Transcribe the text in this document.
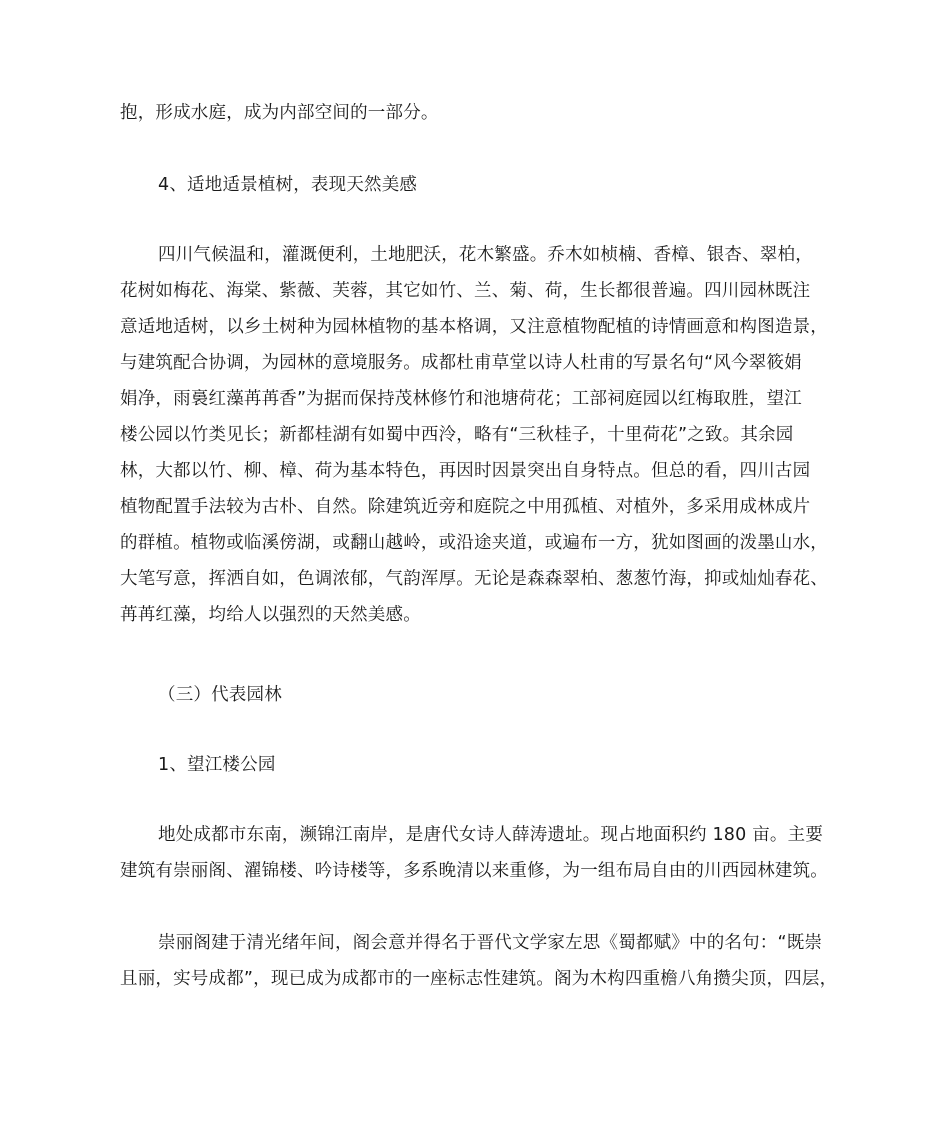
抱，形成水庭，成为内部空间的一部分。
4、适地适景植树，表现天然美感
四川气候温和，灌溉便利，土地肥沃，花木繁盛。乔木如桢楠、香樟、银杏、翠柏，
花树如梅花、海棠、紫薇、芙蓉，其它如竹、兰、菊、荷，生长都很普遍。四川园林既注
意适地适树，以乡土树种为园林植物的基本格调，又注意植物配植的诗情画意和构图造景，
与建筑配合协调，为园林的意境服务。成都杜甫草堂以诗人杜甫的写景名句“风今翠筱娟
娟净，雨裛红藻苒苒香”为据而保持茂林修竹和池塘荷花；工部祠庭园以红梅取胜，望江
楼公园以竹类见长；新都桂湖有如蜀中西泠，略有“三秋桂子，十里荷花”之致。其余园
林，大都以竹、柳、樟、荷为基本特色，再因时因景突出自身特点。但总的看，四川古园
植物配置手法较为古朴、自然。除建筑近旁和庭院之中用孤植、对植外，多采用成林成片
的群植。植物或临溪傍湖，或翻山越岭，或沿途夹道，或遍布一方，犹如图画的泼墨山水，
大笔写意，挥洒自如，色调浓郁，气韵浑厚。无论是森森翠柏、葱葱竹海，抑或灿灿春花、
苒苒红藻，均给人以强烈的天然美感。
（三）代表园林
1、望江楼公园
地处成都市东南，濒锦江南岸，是唐代女诗人薛涛遗址。现占地面积约 180 亩。主要
建筑有崇丽阁、濯锦楼、吟诗楼等，多系晚清以来重修，为一组布局自由的川西园林建筑。
崇丽阁建于清光绪年间，阁会意并得名于晋代文学家左思《蜀都赋》中的名句：“既崇
且丽，实号成都”，现已成为成都市的一座标志性建筑。阁为木构四重檐八角攒尖顶，四层，
